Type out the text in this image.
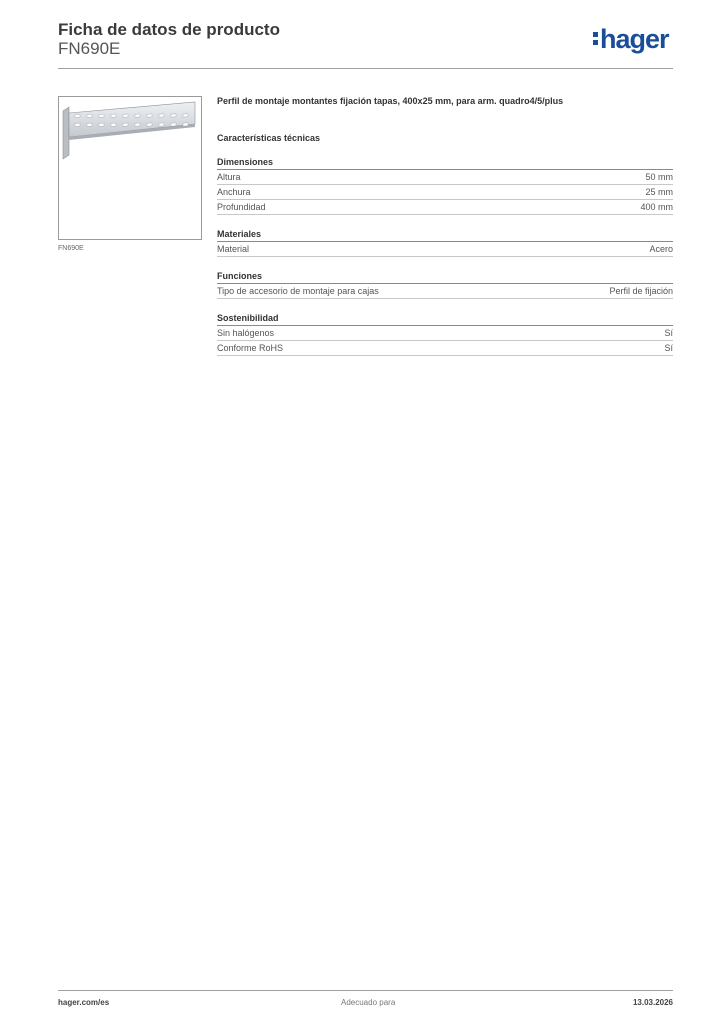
Ficha de datos de producto
FN690E	hager
FN690E

Perfil de montaje montantes fijación tapas, 400x25 mm, para arm. quadro4/5/plus

Características técnicas
Dimensiones
Altura	50 mm
Anchura	25 mm
Profundidad	400 mm
Materiales
Material	Acero
Funciones
Tipo de accesorio de montaje para cajas	Perfil de fijación
Sostenibilidad
Sin halógenos	Sí
Conforme RoHS	Sí
hager.com/es	Adecuado para	13.03.2026
